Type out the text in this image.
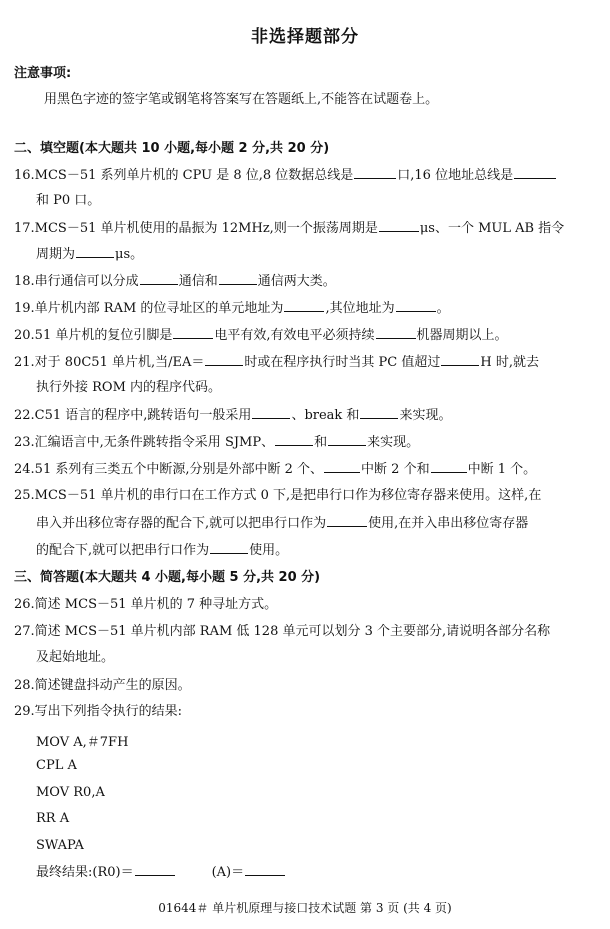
非选择题部分
注意事项:
用黑色字迹的签字笔或钢笔将答案写在答题纸上,不能答在试题卷上。
二、填空题(本大题共 10 小题,每小题 2 分,共 20 分)
16.MCS－51 系列单片机的 CPU 是 8 位,8 位数据总线是	口,16 位地址总线是
和 P0 口。
17.MCS－51 单片机使用的晶振为 12MHz,则一个振荡周期是	μs、一个 MUL AB 指令
周期为	μs。
18.串行通信可以分成	通信和	通信两大类。
19.单片机内部 RAM 的位寻址区的单元地址为	,其位地址为	。
20.51 单片机的复位引脚是	电平有效,有效电平必须持续	机器周期以上。
21.对于 80C51 单片机,当/EA＝	时或在程序执行时当其 PC 值超过	H 时,就去
执行外接 ROM 内的程序代码。
22.C51 语言的程序中,跳转语句一般采用	、break 和	来实现。
23.汇编语言中,无条件跳转指令采用 SJMP、	和	来实现。
24.51 系列有三类五个中断源,分别是外部中断 2 个、	中断 2 个和	中断 1 个。
25.MCS－51 单片机的串行口在工作方式 0 下,是把串行口作为移位寄存器来使用。这样,在
串入并出移位寄存器的配合下,就可以把串行口作为	使用,在并入串出移位寄存器
的配合下,就可以把串行口作为	使用。
三、简答题(本大题共 4 小题,每小题 5 分,共 20 分)
26.简述 MCS－51 单片机的 7 种寻址方式。
27.简述 MCS－51 单片机内部 RAM 低 128 单元可以划分 3 个主要部分,请说明各部分名称
及起始地址。
28.简述键盘抖动产生的原因。
29.写出下列指令执行的结果:
MOV A,＃7FH
CPL A
MOV R0,A
RR A
SWAPA
最终结果:(R0)＝	(A)＝
01644＃ 单片机原理与接口技术试题 第 3 页 (共 4 页)
